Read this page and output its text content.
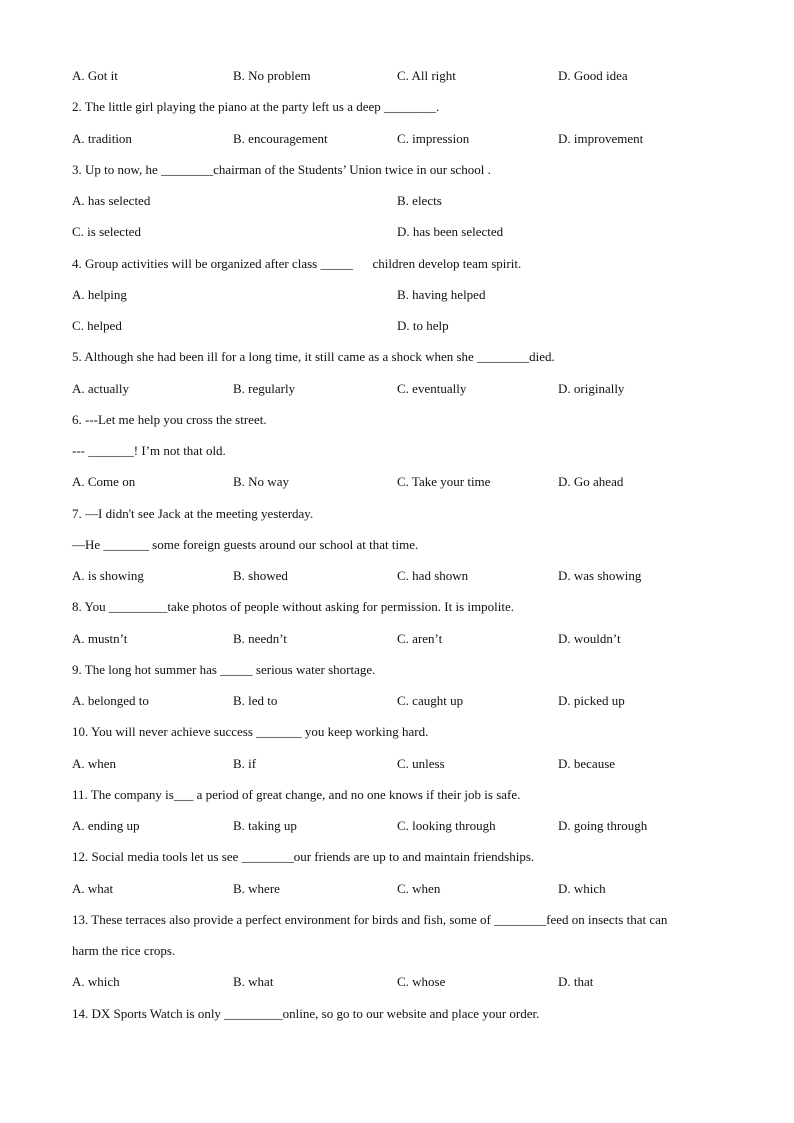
A. Got it	B. No problem	C. All right	D. Good idea
2. The little girl playing the piano at the party left us a deep ________.
A. tradition	B. encouragement	C. impression	D. improvement
3. Up to now, he ________chairman of the Students’ Union twice in our school .
A. has selected	B. elects
C. is selected	D. has been selected
4. Group activities will be organized after class _____      children develop team spirit.
A. helping	B. having helped
C. helped	D. to help
5. Although she had been ill for a long time, it still came as a shock when she ________died.
A. actually	B. regularly	C. eventually	D. originally
6. ---Let me help you cross the street.
--- _______! I’m not that old.
A. Come on	B. No way	C. Take your time	D. Go ahead
7. —I didn't see Jack at the meeting yesterday.
—He _______ some foreign guests around our school at that time.
A. is showing	B. showed	C. had shown	D. was showing
8. You _________take photos of people without asking for permission. It is impolite.
A. mustn’t	B. needn’t	C. aren’t	D. wouldn’t
9. The long hot summer has _____ serious water shortage.
A. belonged to	B. led to	C. caught up	D. picked up
10. You will never achieve success _______ you keep working hard.
A. when	B. if	C. unless	D. because
11. The company is___ a period of great change, and no one knows if their job is safe.
A. ending up	B. taking up	C. looking through	D. going through
12. Social media tools let us see ________our friends are up to and maintain friendships.
A. what	B. where	C. when	D. which
13. These terraces also provide a perfect environment for birds and fish, some of ________feed on insects that can
harm the rice crops.
A. which	B. what	C. whose	D. that
14. DX Sports Watch is only _________online, so go to our website and place your order.
